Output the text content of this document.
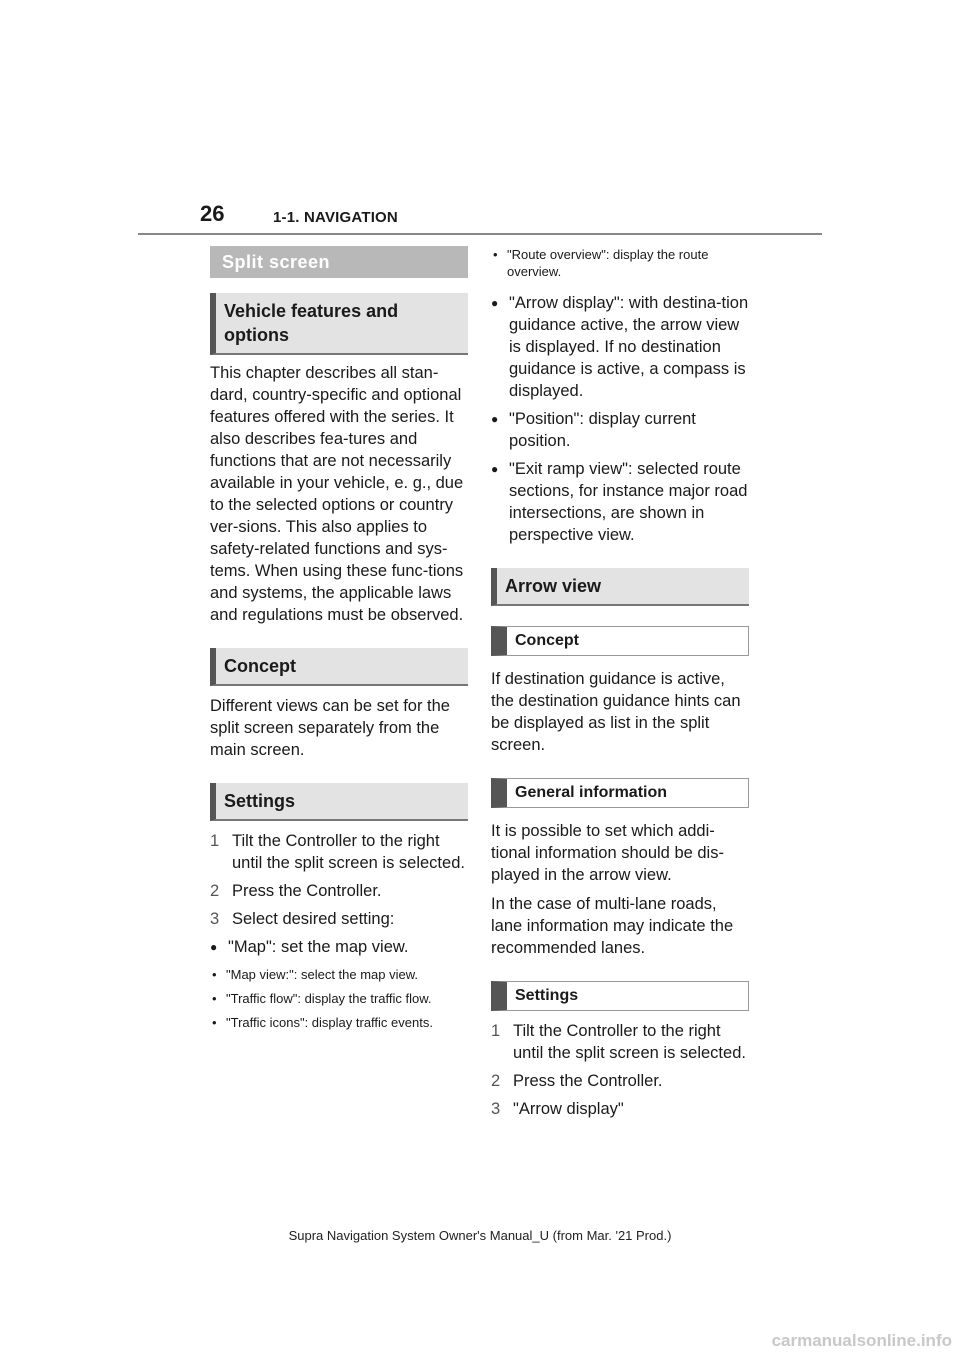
26	1-1. NAVIGATION
Split screen
Vehicle features and options

This chapter describes all stan-dard, country-specific and optional features offered with the series. It also describes fea-tures and functions that are not necessarily available in your vehicle, e. g., due to the selected options or country ver-sions. This also applies to safety-related functions and sys-tems. When using these func-tions and systems, the applicable laws and regulations must be observed.

Concept

Different views can be set for the split screen separately from the main screen.

Settings
1 Tilt the Controller to the right until the split screen is selected.
2 Press the Controller.
3 Select desired setting:
● "Map": set the map view.
• "Map view:": select the map view.
• "Traffic flow": display the traffic flow.
• "Traffic icons": display traffic events.
• "Route overview": display the route overview.
● "Arrow display": with destina-tion guidance active, the arrow view is displayed. If no destination guidance is active, a compass is displayed.
● "Position": display current position.
● "Exit ramp view": selected route sections, for instance major road intersections, are shown in perspective view.
Arrow view
Concept

If destination guidance is active, the destination guidance hints can be displayed as list in the split screen.

General information

It is possible to set which addi-tional information should be dis-played in the arrow view.

In the case of multi-lane roads, lane information may indicate the recommended lanes.

Settings
1 Tilt the Controller to the right until the split screen is selected.
2 Press the Controller.
3 "Arrow display"
Supra Navigation System Owner's Manual_U (from Mar. '21 Prod.)
carmanualsonline.info
